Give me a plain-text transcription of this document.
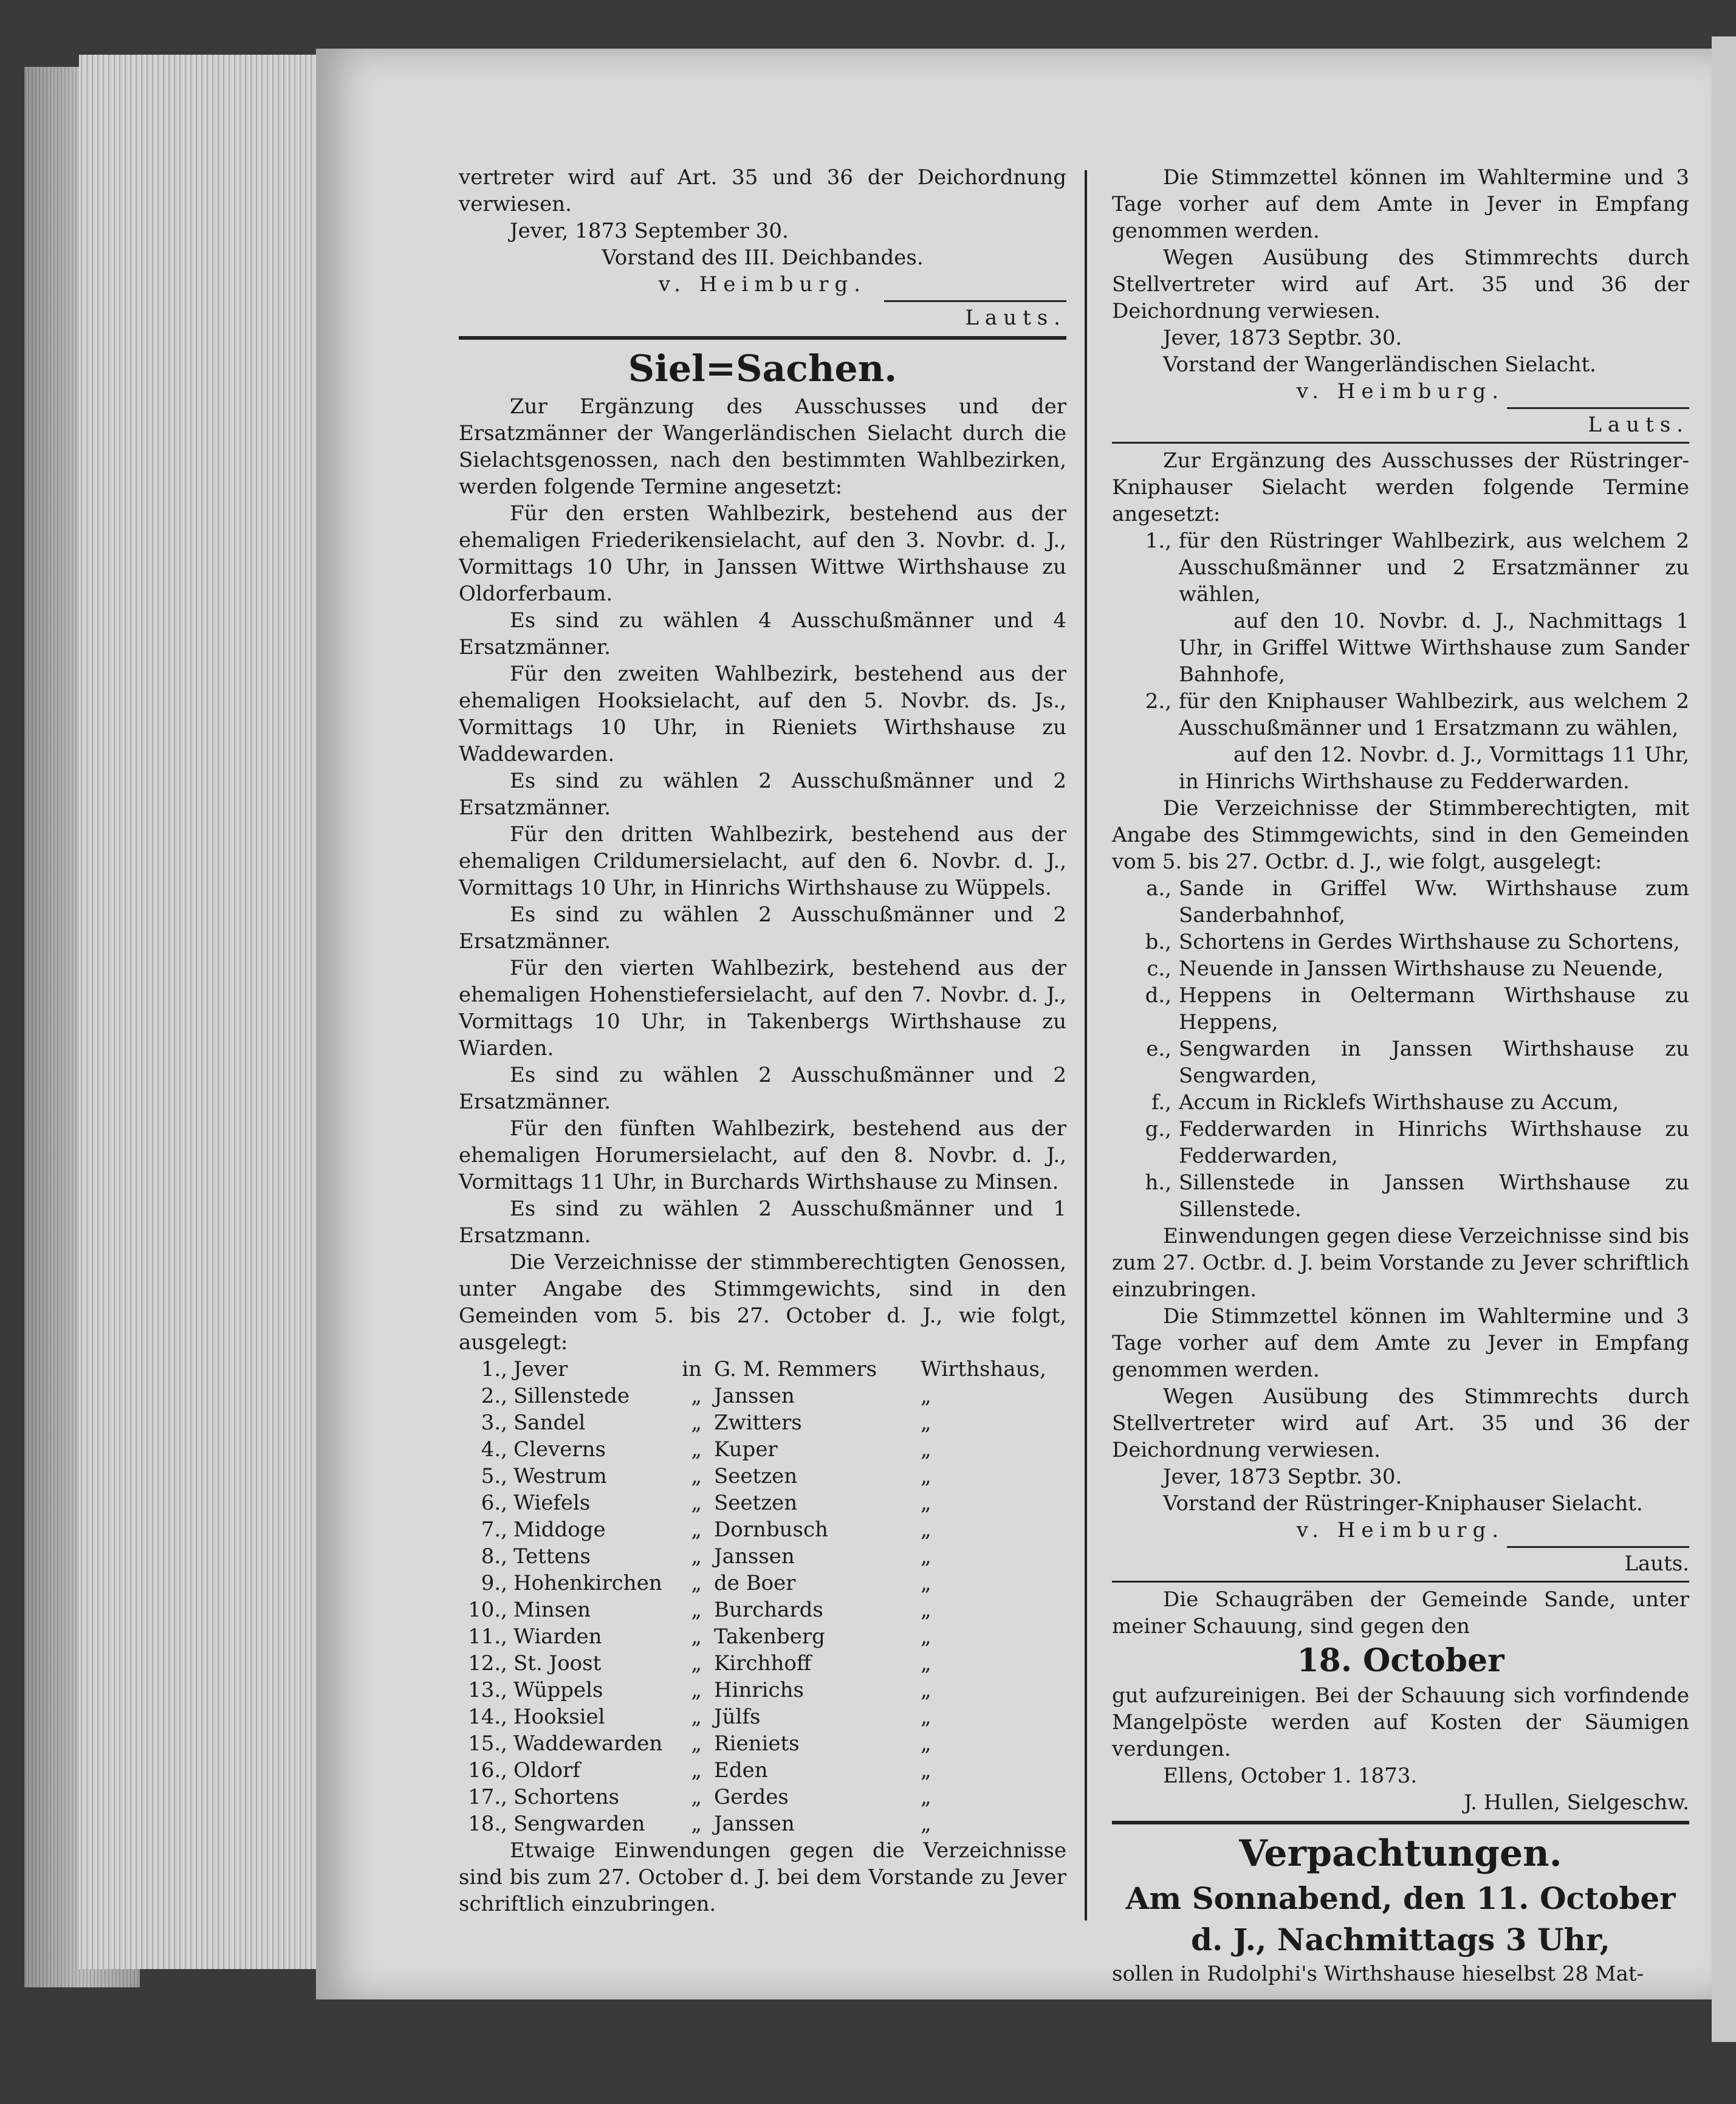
vertreter wird auf Art. 35 und 36 der Deichordnung verwiesen.

Jever, 1873 September 30.

Vorstand des III. Deichbandes.

v. Heimburg.

Lauts.

Siel=Sachen.

Zur Ergänzung des Ausschusses und der Ersatzmänner der Wangerländischen Sielacht durch die Sielachtsgenossen, nach den bestimmten Wahlbezirken, werden folgende Termine angesetzt:

Für den ersten Wahlbezirk, bestehend aus der ehemaligen Friederikensielacht, auf den 3. Novbr. d. J., Vormittags 10 Uhr, in Janssen Wittwe Wirthshause zu Oldorferbaum.

Es sind zu wählen 4 Ausschußmänner und 4 Ersatzmänner.

Für den zweiten Wahlbezirk, bestehend aus der ehemaligen Hooksielacht, auf den 5. Novbr. ds. Js., Vormittags 10 Uhr, in Rieniets Wirthshause zu Waddewarden.

Es sind zu wählen 2 Ausschußmänner und 2 Ersatzmänner.

Für den dritten Wahlbezirk, bestehend aus der ehemaligen Crildumersielacht, auf den 6. Novbr. d. J., Vormittags 10 Uhr, in Hinrichs Wirthshause zu Wüppels.

Es sind zu wählen 2 Ausschußmänner und 2 Ersatzmänner.

Für den vierten Wahlbezirk, bestehend aus der ehemaligen Hohenstiefersielacht, auf den 7. Novbr. d. J., Vormittags 10 Uhr, in Takenbergs Wirthshause zu Wiarden.

Es sind zu wählen 2 Ausschußmänner und 2 Ersatzmänner.

Für den fünften Wahlbezirk, bestehend aus der ehemaligen Horumersielacht, auf den 8. Novbr. d. J., Vormittags 11 Uhr, in Burchards Wirthshause zu Minsen.

Es sind zu wählen 2 Ausschußmänner und 1 Ersatzmann.

Die Verzeichnisse der stimmberechtigten Genossen, unter Angabe des Stimmgewichts, sind in den Gemeinden vom 5. bis 27. October d. J., wie folgt, ausgelegt:

1., Jever	in G. M. Remmers	Wirthshaus,
2., Sillenstede	„ Janssen	„
3., Sandel	„ Zwitters	„
4., Cleverns	„ Kuper	„
5., Westrum	„ Seetzen	„
6., Wiefels	„ Seetzen	„
7., Middoge	„ Dornbusch	„
8., Tettens	„ Janssen	„
9., Hohenkirchen	„ de Boer	„
10., Minsen	„ Burchards	„
11., Wiarden	„ Takenberg	„
12., St. Joost	„ Kirchhoff	„
13., Wüppels	„ Hinrichs	„
14., Hooksiel	„ Jülfs	„
15., Waddewarden	„ Rieniets	„
16., Oldorf	„ Eden	„
17., Schortens	„ Gerdes	„
18., Sengwarden	„ Janssen	„

Etwaige Einwendungen gegen die Verzeichnisse sind bis zum 27. October d. J. bei dem Vorstande zu Jever schriftlich einzubringen.

Die Stimmzettel können im Wahltermine und 3 Tage vorher auf dem Amte in Jever in Empfang genommen werden.

Wegen Ausübung des Stimmrechts durch Stellvertreter wird auf Art. 35 und 36 der Deichordnung verwiesen.

Jever, 1873 Septbr. 30.

Vorstand der Wangerländischen Sielacht.

v. Heimburg.

Lauts.

Zur Ergänzung des Ausschusses der Rüstringer-Kniphauser Sielacht werden folgende Termine angesetzt:

1., für den Rüstringer Wahlbezirk, aus welchem 2 Ausschußmänner und 2 Ersatzmänner zu wählen,
auf den 10. Novbr. d. J., Nachmittags 1 Uhr, in Griffel Wittwe Wirthshause zum Sander Bahnhofe,
2., für den Kniphauser Wahlbezirk, aus welchem 2 Ausschußmänner und 1 Ersatzmann zu wählen,
auf den 12. Novbr. d. J., Vormittags 11 Uhr, in Hinrichs Wirthshause zu Fedderwarden.

Die Verzeichnisse der Stimmberechtigten, mit Angabe des Stimmgewichts, sind in den Gemeinden vom 5. bis 27. Octbr. d. J., wie folgt, ausgelegt:

a., Sande in Griffel Ww. Wirthshause zum Sanderbahnhof,
b., Schortens in Gerdes Wirthshause zu Schortens,
c., Neuende in Janssen Wirthshause zu Neuende,
d., Heppens in Oeltermann Wirthshause zu Heppens,
e., Sengwarden in Janssen Wirthshause zu Sengwarden,
f., Accum in Ricklefs Wirthshause zu Accum,
g., Fedderwarden in Hinrichs Wirthshause zu Fedderwarden,
h., Sillenstede in Janssen Wirthshause zu Sillenstede.

Einwendungen gegen diese Verzeichnisse sind bis zum 27. Octbr. d. J. beim Vorstande zu Jever schriftlich einzubringen.

Die Stimmzettel können im Wahltermine und 3 Tage vorher auf dem Amte zu Jever in Empfang genommen werden.

Wegen Ausübung des Stimmrechts durch Stellvertreter wird auf Art. 35 und 36 der Deichordnung verwiesen.

Jever, 1873 Septbr. 30.

Vorstand der Rüstringer-Kniphauser Sielacht.

v. Heimburg.

Lauts.

Die Schaugräben der Gemeinde Sande, unter meiner Schauung, sind gegen den

18. October

gut aufzureinigen. Bei der Schauung sich vorfindende Mangelpöste werden auf Kosten der Säumigen verdungen.

Ellens, October 1. 1873.

J. Hullen, Sielgeschw.

Verpachtungen.

Am Sonnabend, den 11. October

d. J., Nachmittags 3 Uhr,

sollen in Rudolphi's Wirthshause hieselbst 28 Mat-
